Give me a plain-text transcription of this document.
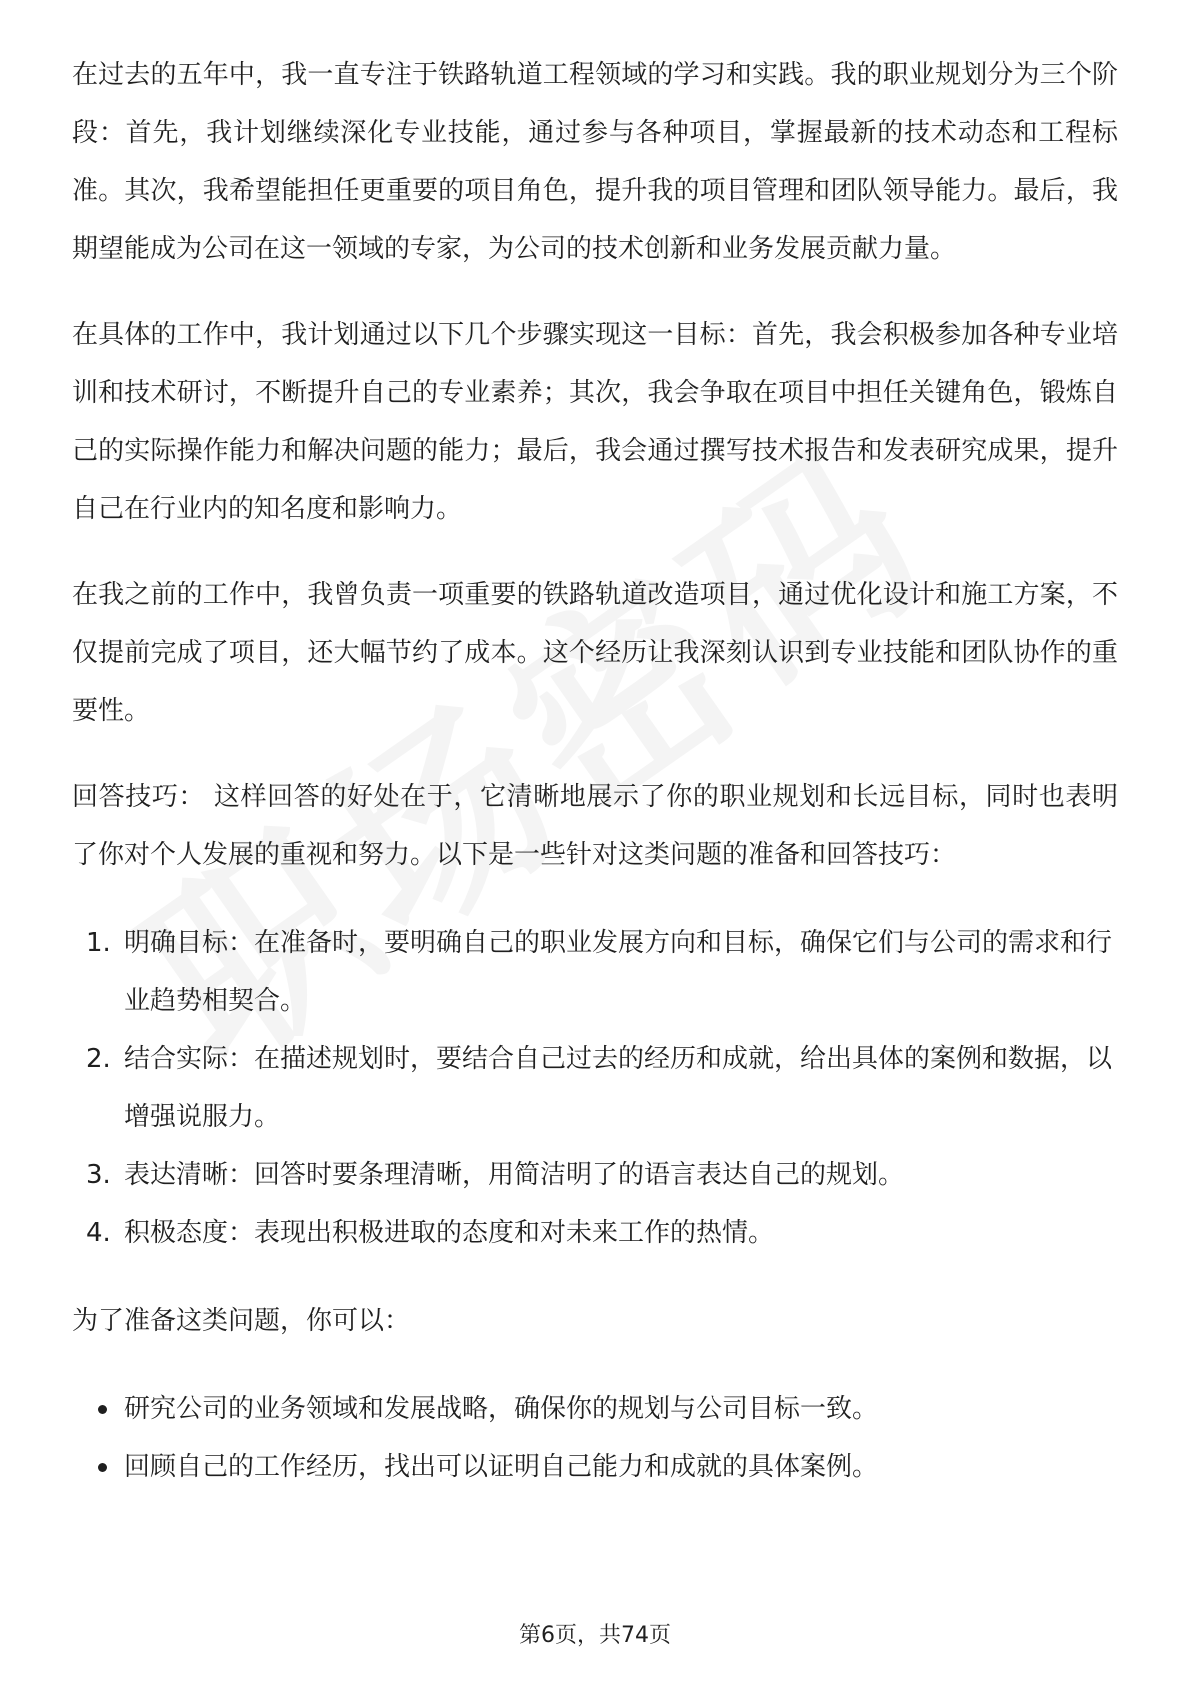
在过去的五年中，我一直专注于铁路轨道工程领域的学习和实践。我的职业规划分为三个阶段：首先，我计划继续深化专业技能，通过参与各种项目，掌握最新的技术动态和工程标准。其次，我希望能担任更重要的项目角色，提升我的项目管理和团队领导能力。最后，我期望能成为公司在这一领域的专家，为公司的技术创新和业务发展贡献力量。

在具体的工作中，我计划通过以下几个步骤实现这一目标：首先，我会积极参加各种专业培训和技术研讨，不断提升自己的专业素养；其次，我会争取在项目中担任关键角色，锻炼自己的实际操作能力和解决问题的能力；最后，我会通过撰写技术报告和发表研究成果，提升自己在行业内的知名度和影响力。

在我之前的工作中，我曾负责一项重要的铁路轨道改造项目，通过优化设计和施工方案，不仅提前完成了项目，还大幅节约了成本。这个经历让我深刻认识到专业技能和团队协作的重要性。

回答技巧： 这样回答的好处在于，它清晰地展示了你的职业规划和长远目标，同时也表明了你对个人发展的重视和努力。以下是一些针对这类问题的准备和回答技巧：

1. 明确目标：在准备时，要明确自己的职业发展方向和目标，确保它们与公司的需求和行业趋势相契合。
2. 结合实际：在描述规划时，要结合自己过去的经历和成就，给出具体的案例和数据，以增强说服力。
3. 表达清晰：回答时要条理清晰，用简洁明了的语言表达自己的规划。
4. 积极态度：表现出积极进取的态度和对未来工作的热情。

为了准备这类问题，你可以：

研究公司的业务领域和发展战略，确保你的规划与公司目标一致。
回顾自己的工作经历，找出可以证明自己能力和成就的具体案例。
第6页，共74页
